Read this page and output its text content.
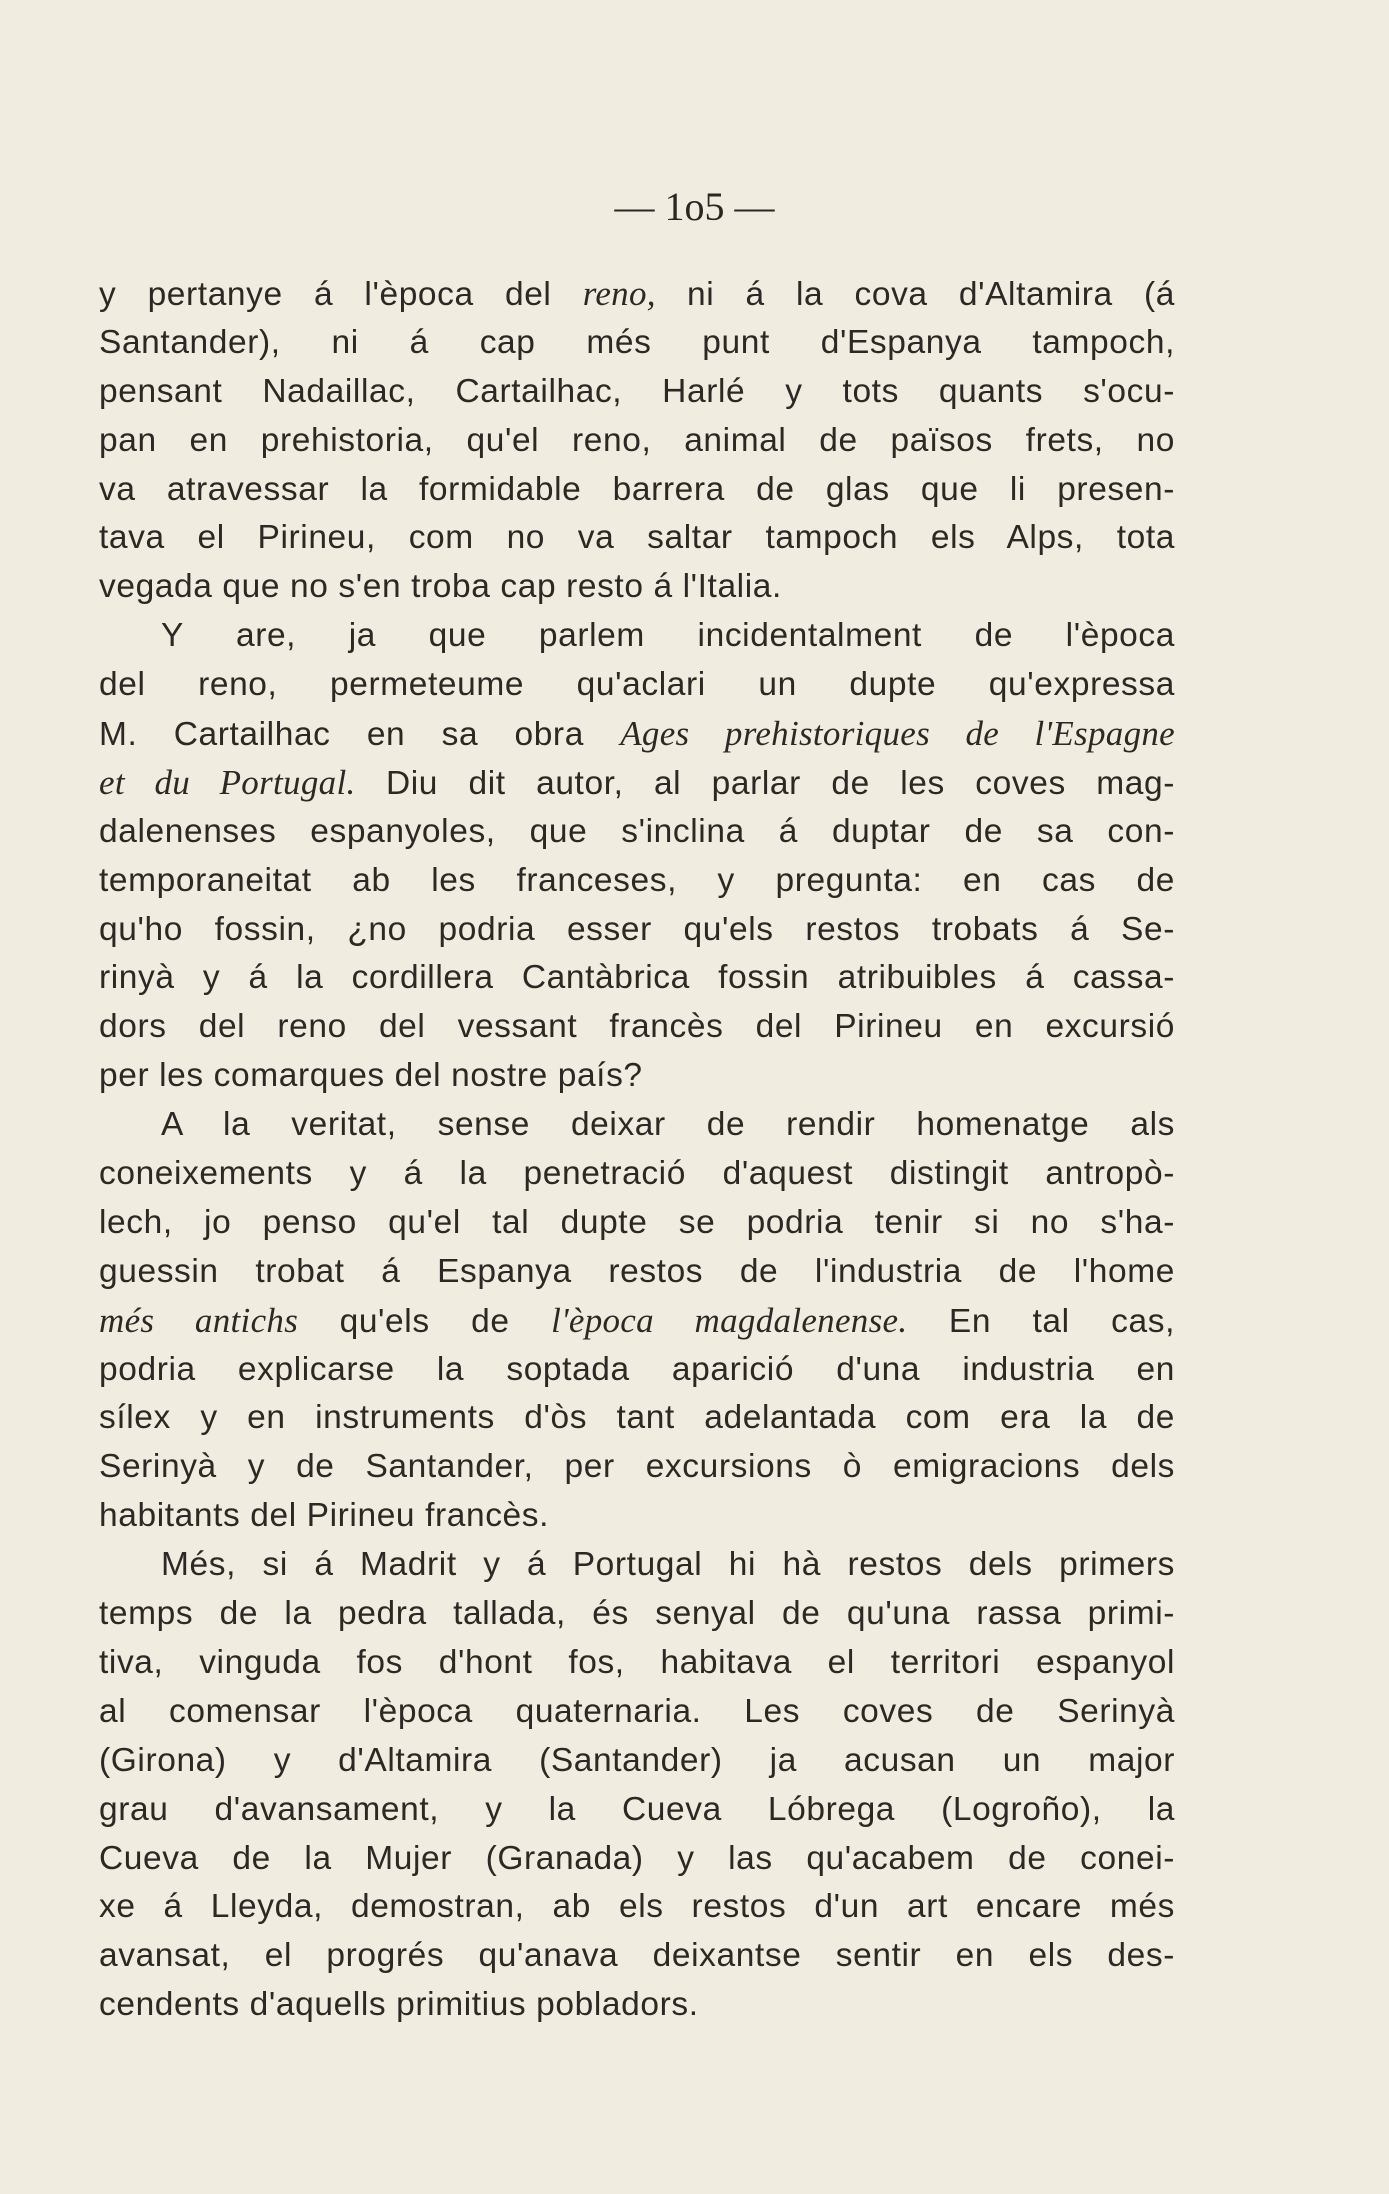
— 1o5 —
y pertanye á l'època del reno, ni á la cova d'Altamira (á
Santander), ni á cap més punt d'Espanya tampoch,
pensant Nadaillac, Cartailhac, Harlé y tots quants s'ocu-
pan en prehistoria, qu'el reno, animal de països frets, no
va atravessar la formidable barrera de glas que li presen-
tava el Pirineu, com no va saltar tampoch els Alps, tota
vegada que no s'en troba cap resto á l'Italia.
Y are, ja que parlem incidentalment de l'època
del reno, permeteume qu'aclari un dupte qu'expressa
M. Cartailhac en sa obra Ages prehistoriques de l'Espagne
et du Portugal. Diu dit autor, al parlar de les coves mag-
dalenenses espanyoles, que s'inclina á duptar de sa con-
temporaneitat ab les franceses, y pregunta: en cas de
qu'ho fossin, ¿no podria esser qu'els restos trobats á Se-
rinyà y á la cordillera Cantàbrica fossin atribuibles á cassa-
dors del reno del vessant francès del Pirineu en excursió
per les comarques del nostre país?
A la veritat, sense deixar de rendir homenatge als
coneixements y á la penetració d'aquest distingit antropò-
lech, jo penso qu'el tal dupte se podria tenir si no s'ha-
guessin trobat á Espanya restos de l'industria de l'home
més antichs qu'els de l'època magdalenense. En tal cas,
podria explicarse la soptada aparició d'una industria en
sílex y en instruments d'òs tant adelantada com era la de
Serinyà y de Santander, per excursions ò emigracions dels
habitants del Pirineu francès.
Més, si á Madrit y á Portugal hi hà restos dels primers
temps de la pedra tallada, és senyal de qu'una rassa primi-
tiva, vinguda fos d'hont fos, habitava el territori espanyol
al comensar l'època quaternaria. Les coves de Serinyà
(Girona) y d'Altamira (Santander) ja acusan un major
grau d'avansament, y la Cueva Lóbrega (Logroño), la
Cueva de la Mujer (Granada) y las qu'acabem de conei-
xe á Lleyda, demostran, ab els restos d'un art encare més
avansat, el progrés qu'anava deixantse sentir en els des-
cendents d'aquells primitius pobladors.
